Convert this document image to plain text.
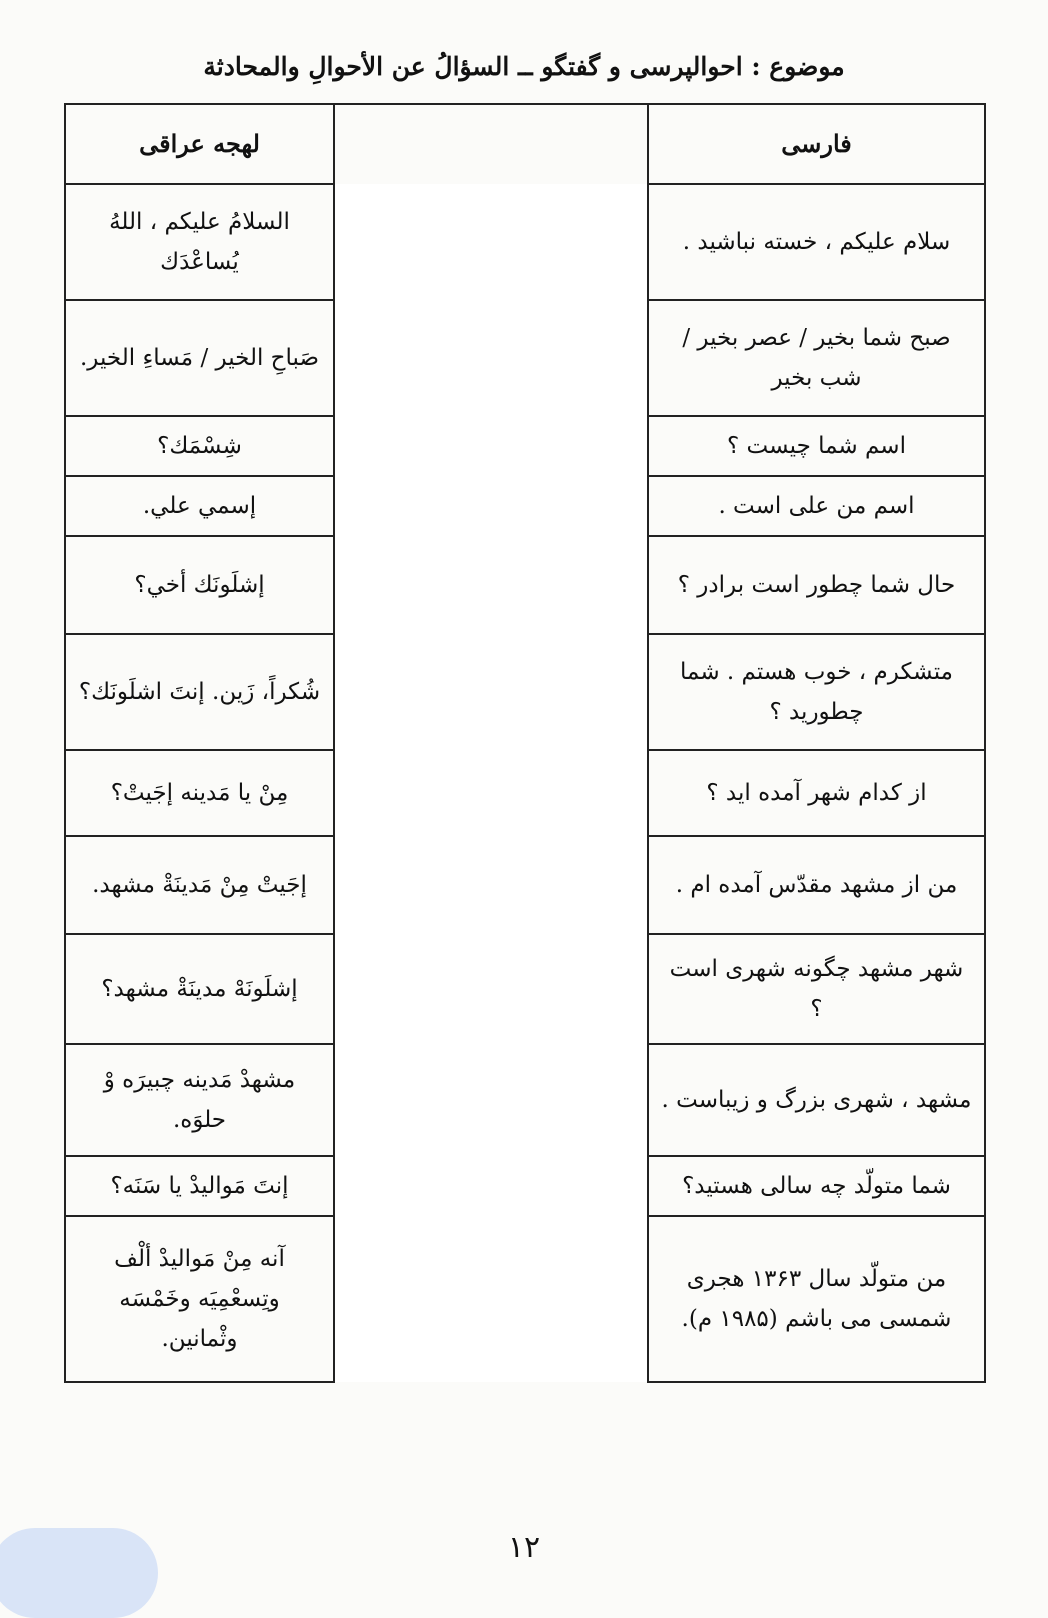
موضوع : احوالپرسی و گفتگو ــ السؤالُ عن الأحوالِ والمحادثة
فارسی		لهجه عراقی
سلام علیکم ، خسته نباشید .		السلامُ علیکم ، اللهُ يُساعْدَك
صبح شما بخیر / عصر بخیر / شب بخیر		صَباحِ الخیر / مَساءِ الخیر.
اسم شما چیست ؟		شِسْمَك؟
اسم من علی است .		إسمي علي.
حال شما چطور است برادر ؟		إشلَونَك أخي؟
متشکرم ، خوب هستم . شما چطورید ؟		شُكراً، زَين. إنتَ اشلَونَك؟
از کدام شهر آمده اید ؟		مِنْ يا مَدينه إجَيتْ؟
من از مشهد مقدّس آمده ام .		إجَيتْ مِنْ مَدينَةْ مشهد.
شهر مشهد چگونه شهری است ؟		إشلَونَهْ مدينَةْ مشهد؟
مشهد ، شهری بزرگ و زیباست .		مشهدْ مَدينه چبيرَه وْ حلوَه.
شما متولّد چه سالی هستید؟		إنتَ مَواليدْ يا سَنَه؟
من متولّد سال ۱۳۶۳ هجری شمسی می باشم (۱۹۸۵ م).		آنه مِنْ مَواليدْ ألْف وتِسعْمِيَه وخَمْسَه وثْمانين.
١٢
